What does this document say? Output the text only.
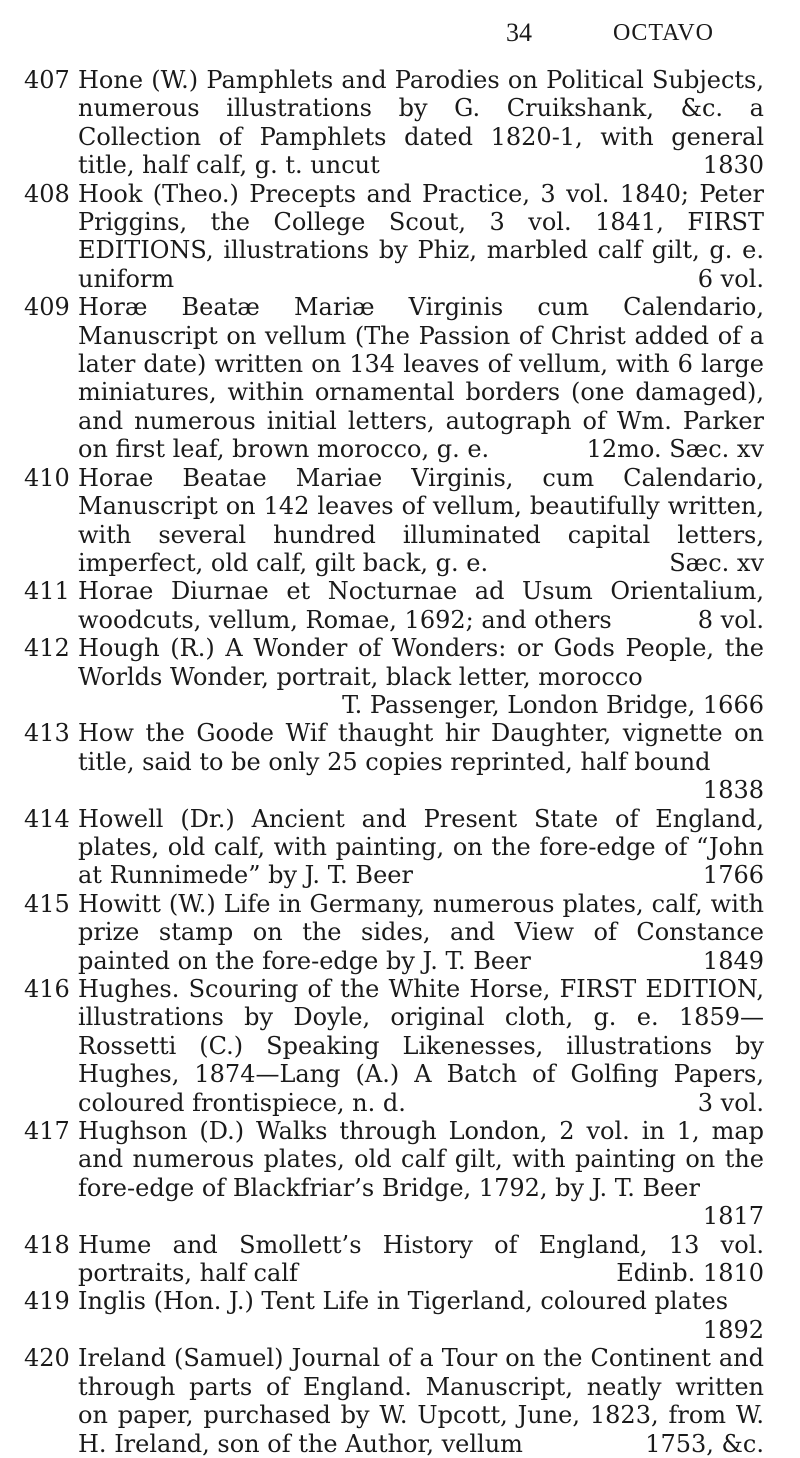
34	OCTAVO
407 Hone (W.) Pamphlets and Parodies on Political Subjects, numerous illustrations by G. Cruikshank, &c. a Collection of Pamphlets dated 1820-1, with general title, half calf, g. t. uncut	1830
408 Hook (Theo.) Precepts and Practice, 3 vol. 1840; Peter Priggins, the College Scout, 3 vol. 1841, FIRST EDITIONS, illustrations by Phiz, marbled calf gilt, g. e. uniform	6 vol.
409 Horæ Beatæ Mariæ Virginis cum Calendario, Manuscript on vellum (The Passion of Christ added of a later date) written on 134 leaves of vellum, with 6 large miniatures, within ornamental borders (one damaged), and numerous initial letters, autograph of Wm. Parker on first leaf, brown morocco, g. e.	12mo. Sæc. xv
410 Horae Beatae Mariae Virginis, cum Calendario, Manuscript on 142 leaves of vellum, beautifully written, with several hundred illuminated capital letters, imperfect, old calf, gilt back, g. e.	Sæc. xv
411 Horae Diurnae et Nocturnae ad Usum Orientalium, woodcuts, vellum, Romae, 1692; and others	8 vol.
412 Hough (R.) A Wonder of Wonders: or Gods People, the Worlds Wonder, portrait, black letter, morocco
T. Passenger, London Bridge, 1666
413 How the Goode Wif thaught hir Daughter, vignette on title, said to be only 25 copies reprinted, half bound
1838
414 Howell (Dr.) Ancient and Present State of England, plates, old calf, with painting, on the fore-edge of “John at Runnimede” by J. T. Beer	1766
415 Howitt (W.) Life in Germany, numerous plates, calf, with prize stamp on the sides, and View of Constance painted on the fore-edge by J. T. Beer	1849
416 Hughes. Scouring of the White Horse, FIRST EDITION, illustrations by Doyle, original cloth, g. e. 1859—Rossetti (C.) Speaking Likenesses, illustrations by Hughes, 1874—Lang (A.) A Batch of Golfing Papers, coloured frontispiece, n. d.	3 vol.
417 Hughson (D.) Walks through London, 2 vol. in 1, map and numerous plates, old calf gilt, with painting on the fore-edge of Blackfriar’s Bridge, 1792, by J. T. Beer
1817
418 Hume and Smollett’s History of England, 13 vol. portraits, half calf	Edinb. 1810
419 Inglis (Hon. J.) Tent Life in Tigerland, coloured plates
1892
420 Ireland (Samuel) Journal of a Tour on the Continent and through parts of England. Manuscript, neatly written on paper, purchased by W. Upcott, June, 1823, from W. H. Ireland, son of the Author, vellum	1753, &c.
